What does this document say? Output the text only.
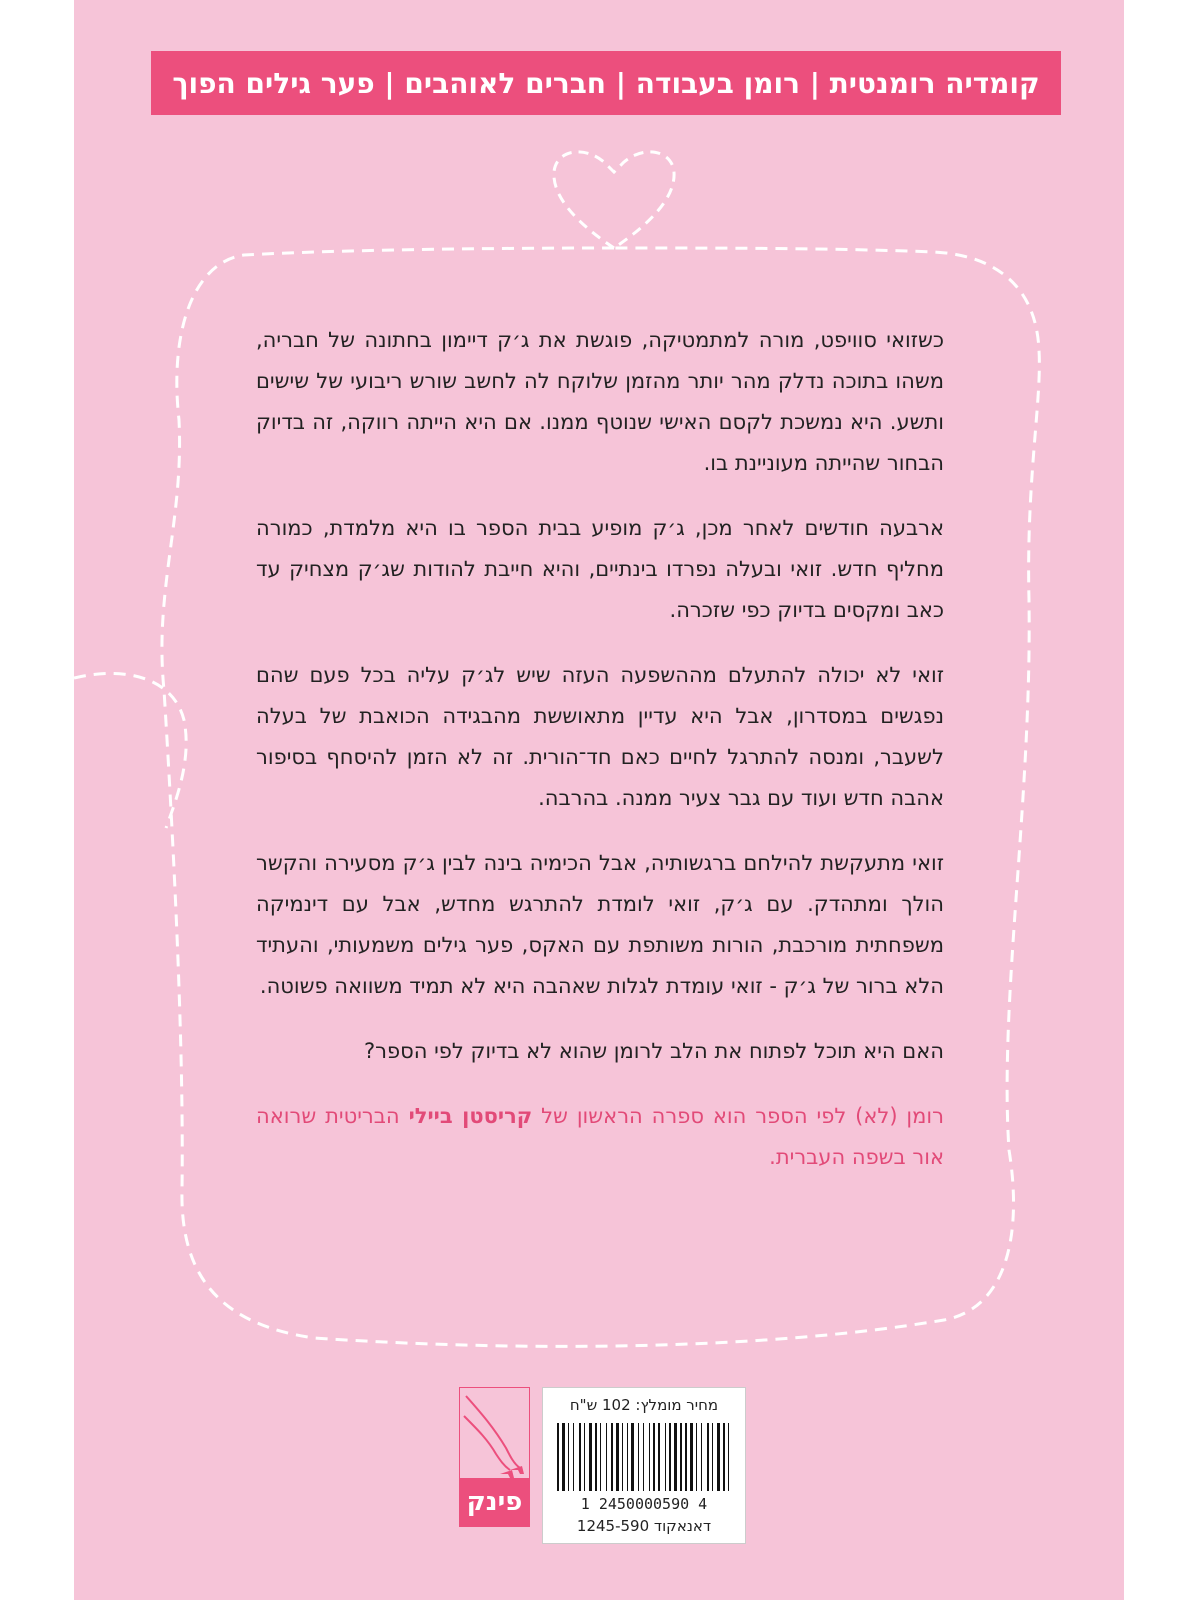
קומדיה רומנטית | רומן בעבודה | חברים לאוהבים | פער גילים הפוך

כשזואי סוויפט, מורה למתמטיקה, פוגשת את ג׳ק דיימון בחתונה של חבריה, משהו בתוכה נדלק מהר יותר מהזמן שלוקח לה לחשב שורש ריבועי של שישים ותשע. היא נמשכת לקסם האישי שנוטף ממנו. אם היא הייתה רווקה, זה בדיוק הבחור שהייתה מעוניינת בו.

ארבעה חודשים לאחר מכן, ג׳ק מופיע בבית הספר בו היא מלמדת, כמורה מחליף חדש. זואי ובעלה נפרדו בינתיים, והיא חייבת להודות שג׳ק מצחיק עד כאב ומקסים בדיוק כפי שזכרה.

זואי לא יכולה להתעלם מההשפעה העזה שיש לג׳ק עליה בכל פעם שהם נפגשים במסדרון, אבל היא עדיין מתאוששת מהבגידה הכואבת של בעלה לשעבר, ומנסה להתרגל לחיים כאם חד־הורית. זה לא הזמן להיסחף בסיפור אהבה חדש ועוד עם גבר צעיר ממנה. בהרבה.

זואי מתעקשת להילחם ברגשותיה, אבל הכימיה בינה לבין ג׳ק מסעירה והקשר הולך ומתהדק. עם ג׳ק, זואי לומדת להתרגש מחדש, אבל עם דינמיקה משפחתית מורכבת, הורות משותפת עם האקס, פער גילים משמעותי, והעתיד הלא ברור של ג׳ק - זואי עומדת לגלות שאהבה היא לא תמיד משוואה פשוטה.

האם היא תוכל לפתוח את הלב לרומן שהוא לא בדיוק לפי הספר?

רומן (לא) לפי הספר הוא ספרה הראשון של קריסטן ביילי הבריטית שרואה אור בשפה העברית.

פינק
מחיר מומלץ: 102 ש"ח
1 2450000590 4
דאנאקוד 1245-590
